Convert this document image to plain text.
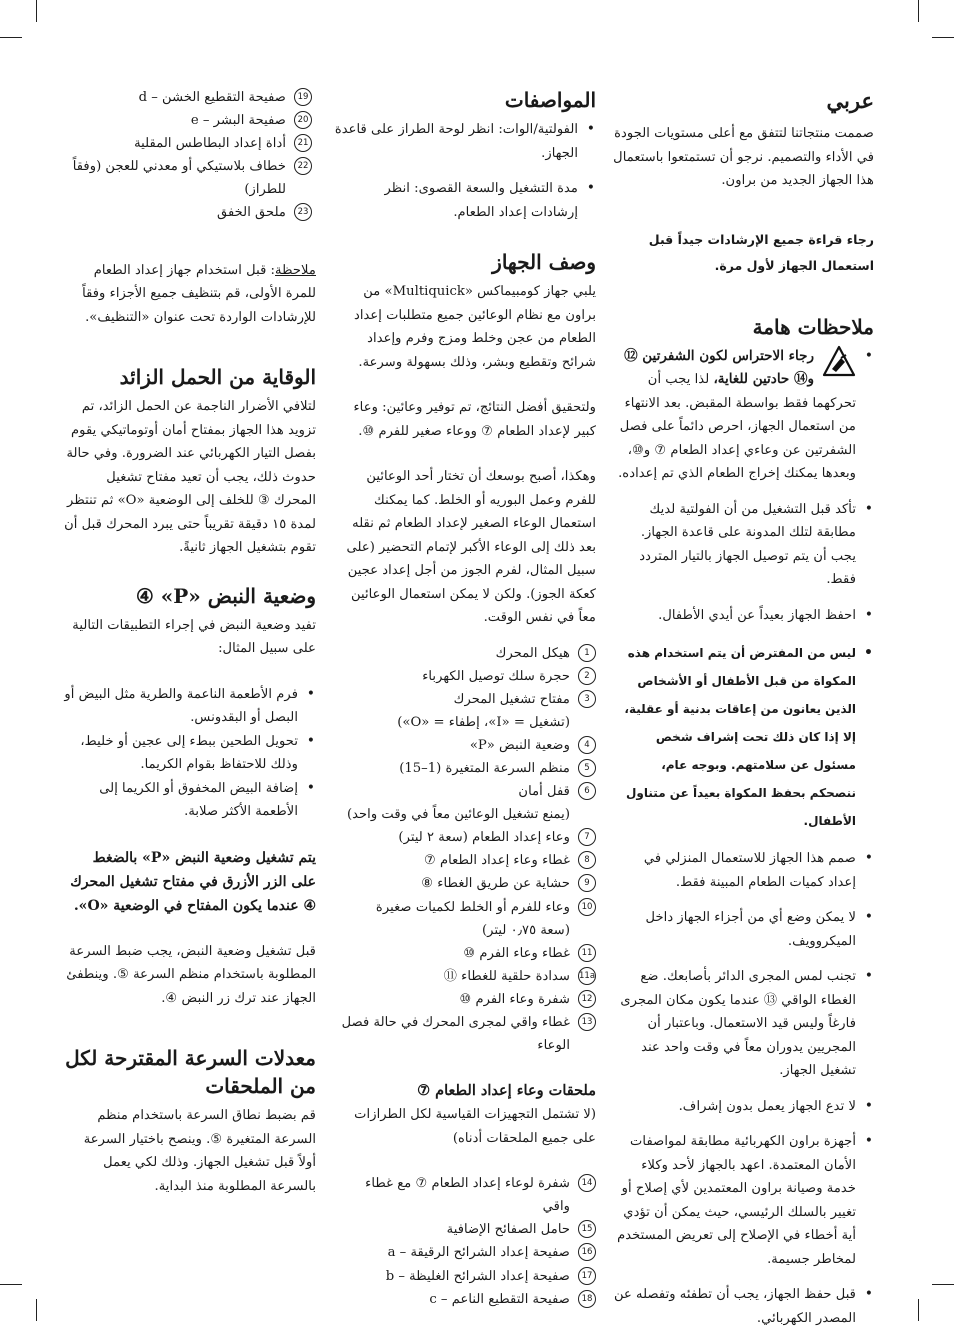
عربي

صممت منتجاتنا لتتفق مع أعلى مستويات الجودة في الأداء والتصميم. نرجو أن تستمتعوا باستعمال هذا الجهاز الجديد من براون.

رجاء قراءة جميع الإرشادات جيداً قبل استعمال الجهاز لأول مرة.

ملاحظات هامة
• رجاء الاحتراس لكون الشفرتين ⑫ و⑭ حادتين للغاية، لذا يجب أن تحركهما فقط بواسطة المقبض. بعد الانتهاء من استعمال الجهاز، احرص دائماً على فصل الشفرتين عن وعاءي إعداد الطعام ⑦ و⑩، وبعدها يمكنك إخراج الطعام الذي تم إعداده.
• تأكد قبل التشغيل من أن الفولتية لديك مطابقة لتلك المدونة على قاعدة الجهاز. يجب أن يتم توصيل الجهاز بالتيار المتردد فقط.
• احفظ الجهاز بعيداً عن أيدي الأطفال.
• ليس من المفترض أن يتم استخدام هذه المكواة من قبل الأطفال أو الأشخاص الذين يعانون من إعاقات بدنية أو عقلية، إلا إذا كان ذلك تحت إشراف شخص مسئول عن سلامتهم. وبوجه عام، ننصحكم بحفظ المكواة بعيداً عن متناول الأطفال.
• صمم هذا الجهاز للاستعمال المنزلي في إعداد كميات الطعام المبينة فقط.
• لا يمكن وضع أي من أجزاء الجهاز داخل الميكروويف.
• تجنب لمس المجرى الدائر بأصابعك. ضع الغطاء الواقي ⑬ عندما يكون مكان المجرى فارغاً وليس قيد الاستعمال. وباعتبار أن المجريين يدوران معاً في وقت واحد عند تشغيل الجهاز.
• لا تدع الجهاز يعمل بدون إشراف.
• أجهزة براون الكهربائية مطابقة لمواصفات الأمان المعتمدة. اعهد بالجهاز لأحد وكلاء خدمة وصيانة براون المعتمدين لأي إصلاح أو تغيير بالسلك الرئيسي، حيث يمكن أن تؤدي أية أخطاء في الإصلاح إلى تعريض المستخدم لمخاطر جسيمة.
• قبل حفظ الجهاز، يجب أن تطفئه وتفصله عن المصدر الكهربائي.
المواصفات
• الفولتية/الوات: انظر لوحة الطراز على قاعدة الجهاز.
• مدة التشغيل والسعة القصوى: انظر إرشادات إعداد الطعام.
وصف الجهاز

يلبي جهاز كومبيماكس «Multiquick» من براون مع نظام الوعائين جميع متطلبات إعداد الطعام من عجن وخلط ومزج وفرم وإعداد شرائح وتقطيع وبشر، وذلك بسهولة وسرعة.

ولتحقيق أفضل النتائج، تم توفير وعائين: وعاء كبير لإعداد الطعام ⑦ ووعاء صغير للفرم ⑩.

وهكذا، أصبح بوسعك أن تختار أحد الوعائين للفرم وعمل البوريه أو الخلط. كما يمكنك استعمال الوعاء الصغير لإعداد الطعام ثم نقله بعد ذلك إلى الوعاء الأكبر لإتمام التحضير (على سبيل المثال، لفرم الجوز من أجل إعداد عجين كعكة الجوز). ولكن لا يمكن استعمال الوعائين معاً في نفس الوقت.

1
هيكل المحرك
2
حجرة سلك توصيل الكهرباء
3
مفتاح تشغيل المحرك
(تشغيل = «I»، إطفاء = «O»)
4
وضعية النبض «P»
5
منظم السرعة المتغيرة (1–15)
6
قفل أمان
(يمنع تشغيل الوعائين معاً في وقت واحد)
7
وعاء إعداد الطعام (سعة ٢ ليتر)
8
غطاء وعاء إعداد الطعام ⑦
9
حشاية عن طريق الغطاء ⑧
10
وعاء للفرم أو الخلط لكميات صغيرة
(سعة ٠٫٧٥ ليتر)
11
غطاء وعاء الفرم ⑩
11a
سدادة حلقية للغطاء ⑪
12
شفرة وعاء الفرم ⑩
13
غطاء واقي لمجرى المحرك في حالة فصل الوعاء
ملحقات وعاء إعداد الطعام ⑦

(لا تشتمل التجهيزات القياسية لكل الطرازات على جميع الملحقات أدناه)

14
شفرة لوعاء إعداد الطعام ⑦ مع غطاء واقي
15
حامل الصفائح الإضافية
16
صفيحة إعداد الشرائح الرقيقة – a
17
صفيحة إعداد الشرائح الغليظة – b
18
صفيحة التقطيع الناعم – c
19
صفيحة التقطيع الخشن – d
20
صفيحة البشر – e
21
أداة إعداد البطاطس المقلية
22
خطاف بلاستيكي أو معدني للعجن (وفقاً للطراز)
23
ملحق الخفق

ملاحظة: قبل استخدام جهاز إعداد الطعام للمرة الأولى، قم بتنظيف جميع الأجزاء وفقاً للإرشادات الواردة تحت عنوان «التنظيف».

الوقاية من الحمل الزائد

لتلافي الأضرار الناجمة عن الحمل الزائد، تم تزويد هذا الجهاز بمفتاح أمان أوتوماتيكي يقوم بفصل التيار الكهربائي عند الضرورة. وفي حالة حدوث ذلك، يجب أن تعيد مفتاح تشغيل المحرك ③ للخلف إلى الوضعية «O» ثم تنتظر لمدة ١٥ دقيقة تقريباً حتى يبرد المحرك قبل أن تقوم بتشغيل الجهاز ثانيةً.

وضعية النبض «P» ④

تفيد وضعية النبض في إجراء التطبيقات التالية على سبيل المثال:

• فرم الأطعمة الناعمة والطرية مثل البيض أو البصل أو البقدونس.
• تحويل الطحين ببطء إلى عجين أو خليط، وذلك للاحتفاظ بقوام الكريما.
• إضافة البيض المخفوق أو الكريما إلى الأطعمة الأكثر صلابة.

يتم تشغيل وضعية النبض «P» بالضغط على الزر الأزرق في مفتاح تشغيل المحرك ④ عندما يكون المفتاح في الوضعية «O».

قبل تشغيل وضعية النبض، يجب ضبط السرعة المطلوبة باستخدام منظم السرعة ⑤. وينطفئ الجهاز عند ترك زر النبض ④.

معدلات السرعة المقترحة لكل من الملحقات

قم بضبط نطاق السرعة باستخدام منظم السرعة المتغيرة ⑤. وينصح باختيار السرعة أولاً قبل تشغيل الجهاز. وذلك لكي يعمل بالسرعة المطلوبة منذ البداية.
